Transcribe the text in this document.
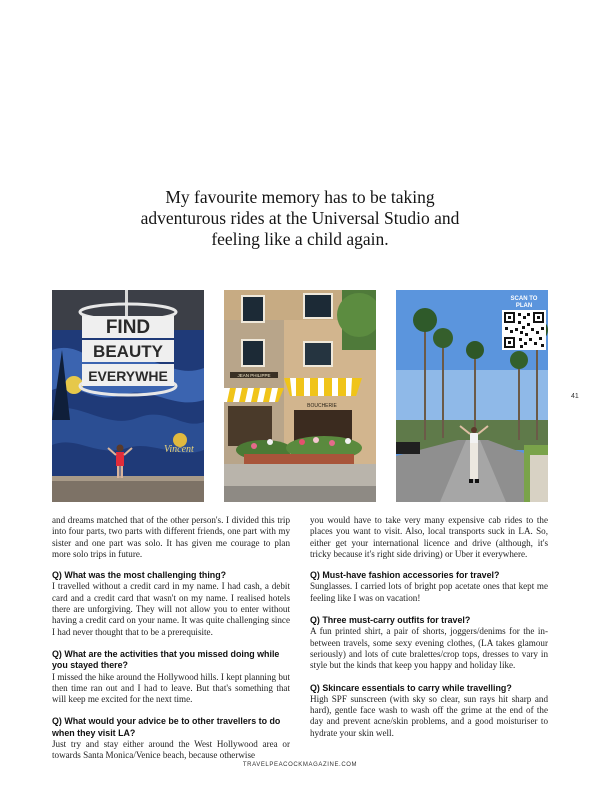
My favourite memory has to be taking
adventurous rides at the Universal Studio and
feeling like a child again.
FIND
BEAUTY
EVERYWHE
Vincent
JEAN PHILIPPE
BOUCHERIE
SCAN TO
PLAN
41

and dreams matched that of the other person's. I divided this trip into four parts, two parts with different friends, one part with my sister and one part was solo. It has given me courage to plan more solo trips in future.

Q) What was the most challenging thing?

I travelled without a credit card in my name. I had cash, a debit card and a credit card that wasn't on my name. I realised hotels there are unforgiving. They will not allow you to enter without having a credit card on your name. It was quite challenging since I had never thought that to be a prerequisite.

Q) What are the activities that you missed doing while you stayed there?

I missed the hike around the Hollywood hills. I kept planning but then time ran out and I had to leave. But that's something that will keep me excited for the next time.

Q) What would your advice be to other travellers to do when they visit LA?

Just try and stay either around the West Hollywood area or towards Santa Monica/Venice beach, because otherwise

you would have to take very many expensive cab rides to the places you want to visit. Also, local transports suck in LA. So, either get your international licence and drive (although, it's tricky because it's right side driving) or Uber it everywhere.

Q) Must-have fashion accessories for travel?

Sunglasses. I carried lots of bright pop acetate ones that kept me feeling like I was on vacation!

Q) Three must-carry outfits for travel?

A fun printed shirt, a pair of shorts, joggers/denims for the in-between travels, some sexy evening clothes, (LA takes glamour seriously) and lots of cute bralettes/crop tops, dresses to vary in style but the kinds that keep you happy and holiday like.

Q) Skincare essentials to carry while travelling?

High SPF sunscreen (with sky so clear, sun rays hit sharp and hard), gentle face wash to wash off the grime at the end of the day and prevent acne/skin problems, and a good moisturiser to hydrate your skin well.

TRAVELPEACOCKMAGAZINE.COM
